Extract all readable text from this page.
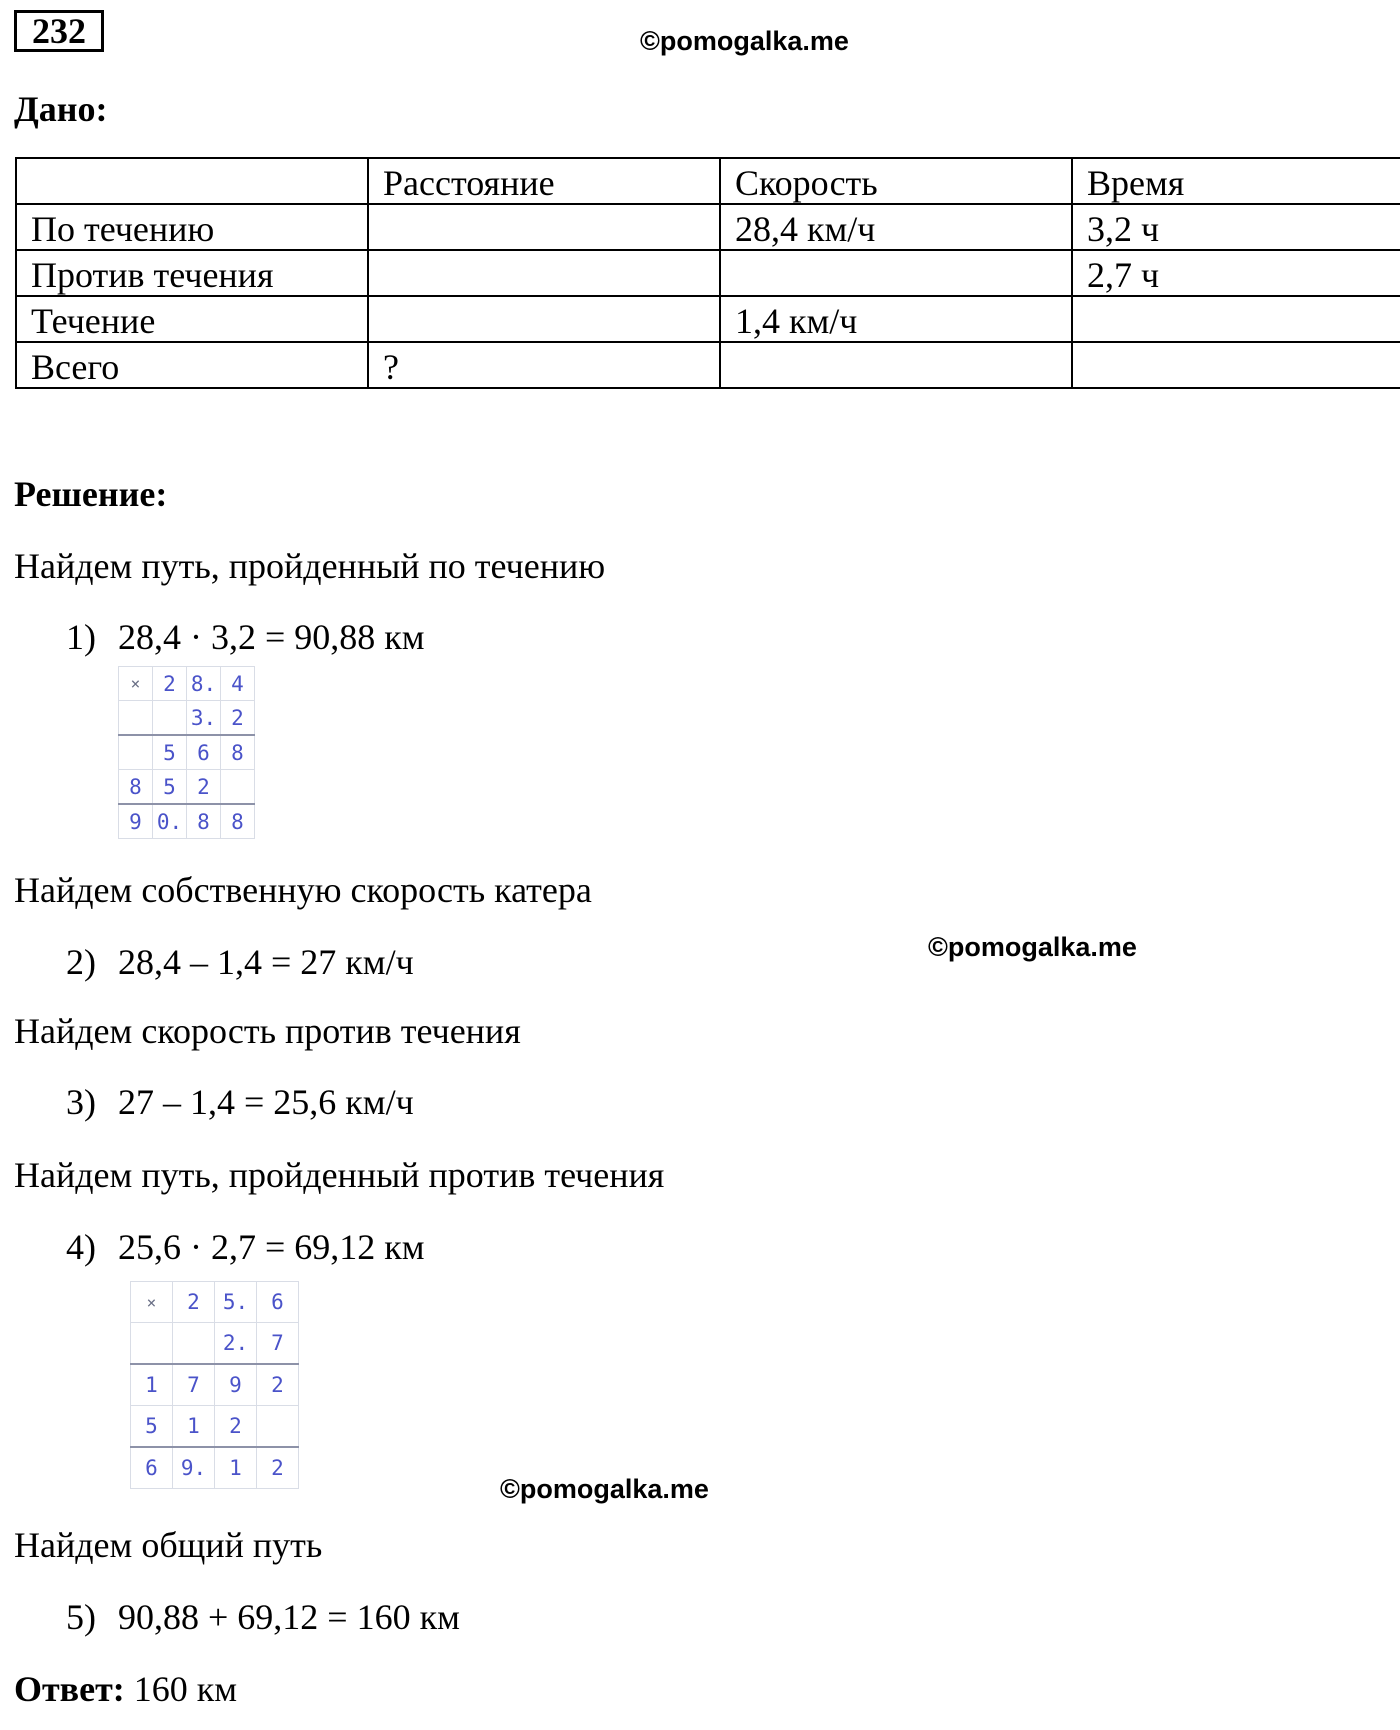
232	©pomogalka.me
Дано:
	Расстояние	Скорость	Время
По течению		28,4 км/ч	3,2 ч
Против течения			2,7 ч
Течение		1,4 км/ч	
Всего	?		
Решение:
Найдем путь, пройденный по течению
1) 28,4 · 3,2 = 90,88 км
×	2	8.	4
		3.	2
	5	6	8
8	5	2	
9	0.	8	8
Найдем собственную скорость катера
2) 28,4 – 1,4 = 27 км/ч	©pomogalka.me
Найдем скорость против течения
3) 27 – 1,4 = 25,6 км/ч
Найдем путь, пройденный против течения
4) 25,6 · 2,7 = 69,12 км
×	2	5.	6
		2.	7
1	7	9	2
5	1	2	
6	9.	1	2
©pomogalka.me
Найдем общий путь
5) 90,88 + 69,12 = 160 км
Ответ: 160 км
